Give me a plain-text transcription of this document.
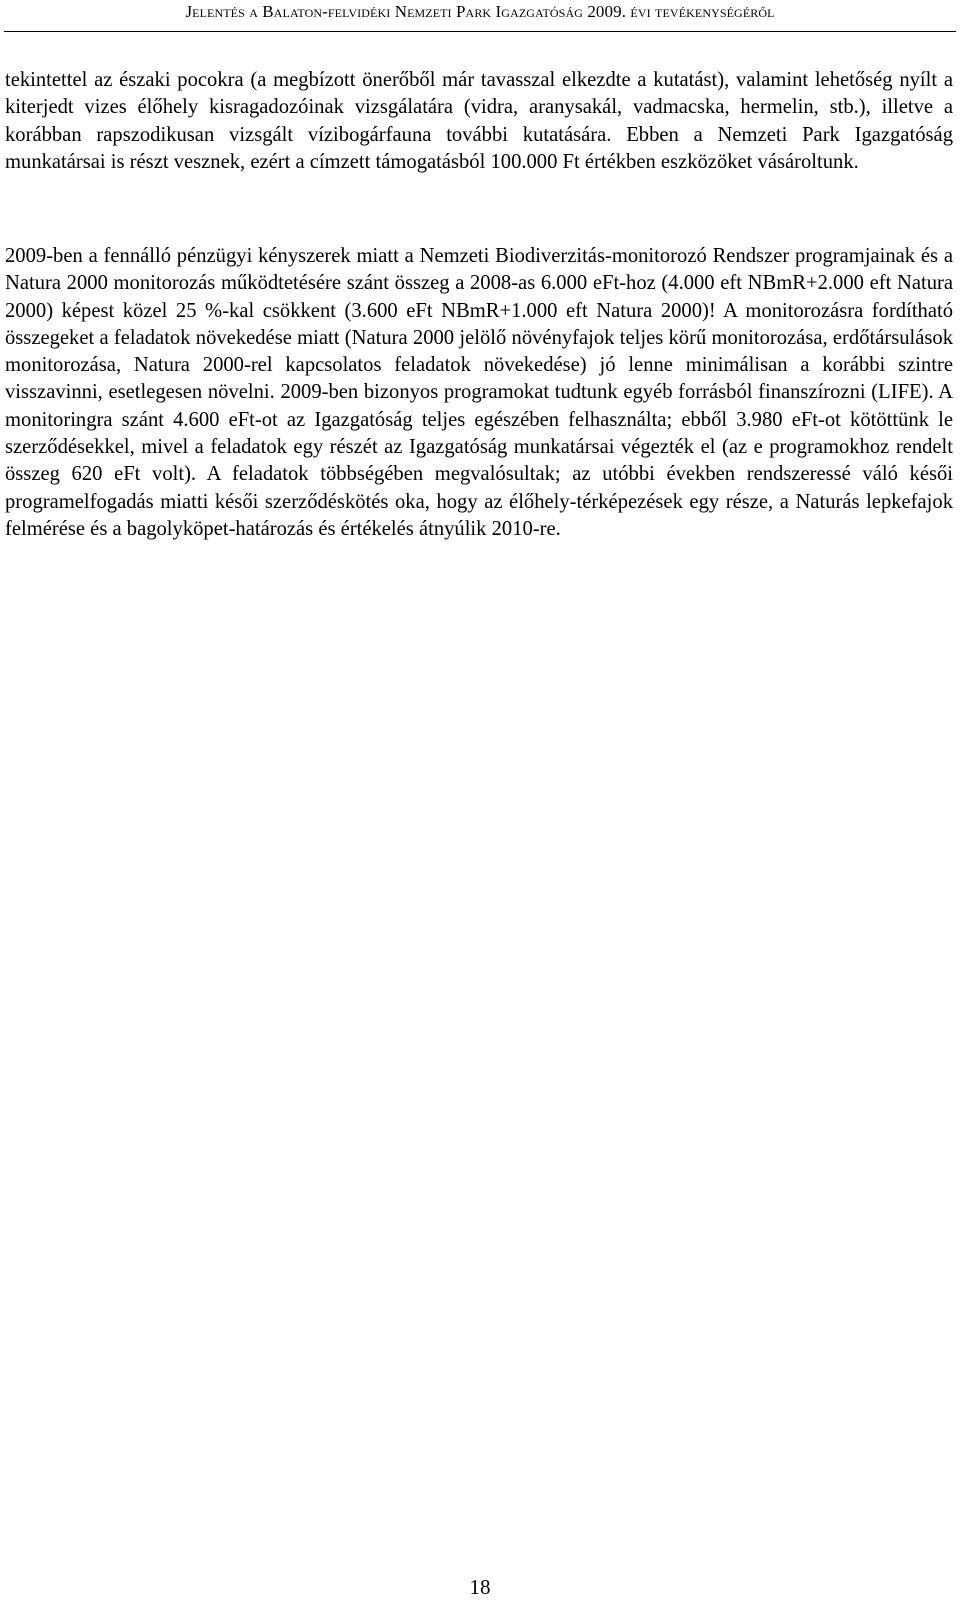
Jelentés a Balaton-felvidéki Nemzeti Park Igazgatóság 2009. évi tevékenységéről

tekintettel az északi pocokra (a megbízott önerőből már tavasszal elkezdte a kutatást), valamint lehetőség nyílt a kiterjedt vizes élőhely kisragadozóinak vizsgálatára (vidra, aranysakál, vadmacska, hermelin, stb.), illetve a korábban rapszodikusan vizsgált vízibogárfauna további kutatására. Ebben a Nemzeti Park Igazgatóság munkatársai is részt vesznek, ezért a címzett támogatásból 100.000 Ft értékben eszközöket vásároltunk.

2009-ben a fennálló pénzügyi kényszerek miatt a Nemzeti Biodiverzitás-monitorozó Rendszer programjainak és a Natura 2000 monitorozás működtetésére szánt összeg a 2008-as 6.000 eFt-hoz (4.000 eft NBmR+2.000 eft Natura 2000) képest közel 25 %-kal csökkent (3.600 eFt NBmR+1.000 eft Natura 2000)! A monitorozásra fordítható összegeket a feladatok növekedése miatt (Natura 2000 jelölő növényfajok teljes körű monitorozása, erdőtársulások monitorozása, Natura 2000-rel kapcsolatos feladatok növekedése) jó lenne minimálisan a korábbi szintre visszavinni, esetlegesen növelni. 2009-ben bizonyos programokat tudtunk egyéb forrásból finanszírozni (LIFE). A monitoringra szánt 4.600 eFt-ot az Igazgatóság teljes egészében felhasználta; ebből 3.980 eFt-ot kötöttünk le szerződésekkel, mivel a feladatok egy részét az Igazgatóság munkatársai végezték el (az e programokhoz rendelt összeg 620 eFt volt). A feladatok többségében megvalósultak; az utóbbi években rendszeressé váló késői programelfogadás miatti késői szerződéskötés oka, hogy az élőhely-térképezések egy része, a Naturás lepkefajok felmérése és a bagolyköpet-határozás és értékelés átnyúlik 2010-re.

18
